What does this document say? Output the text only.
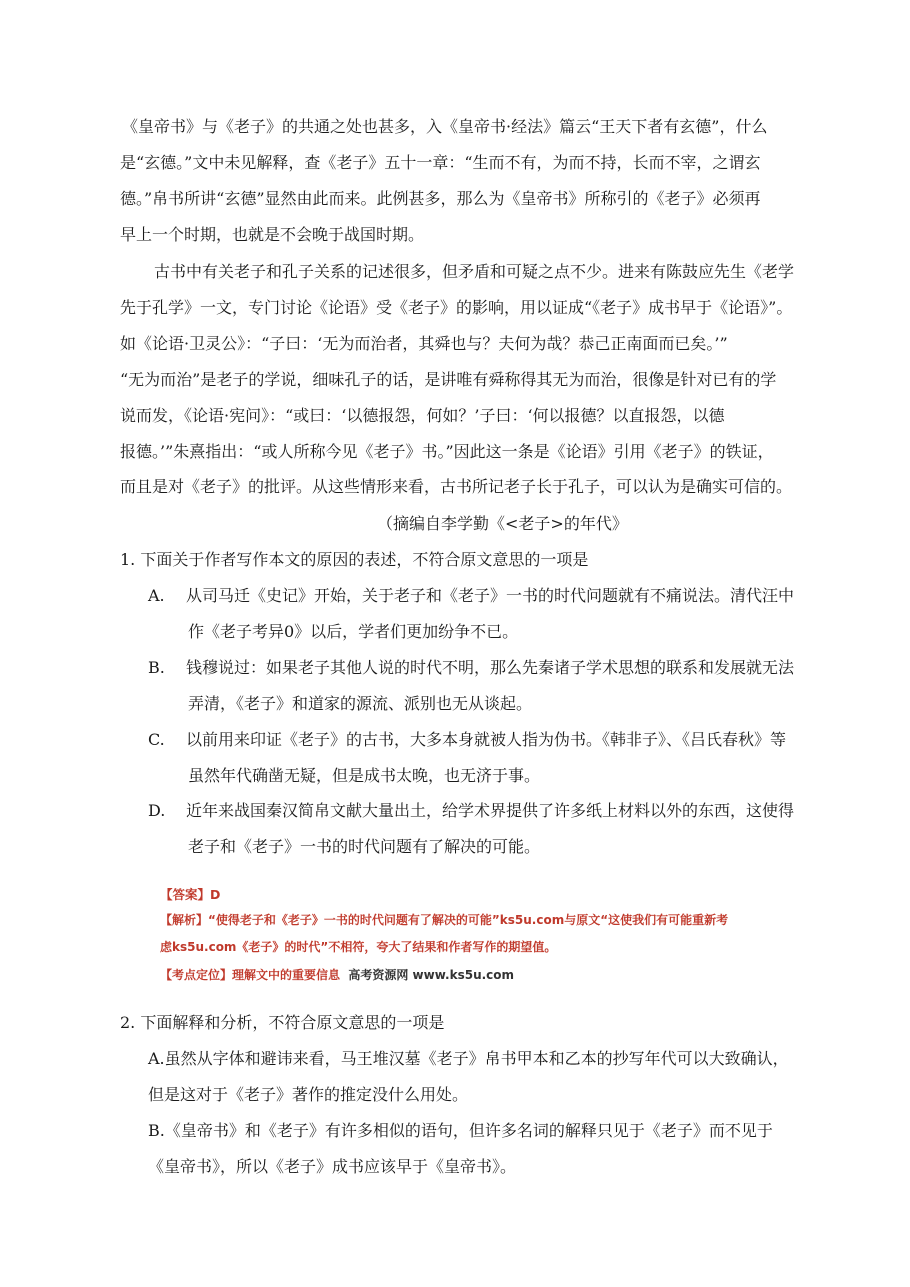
《皇帝书》与《老子》的共通之处也甚多，入《皇帝书·经法》篇云“王天下者有玄德”，什么
是“玄德。”文中未见解释，查《老子》五十一章：“生而不有，为而不持，长而不宰，之谓玄
德。”帛书所讲“玄德”显然由此而来。此例甚多，那么为《皇帝书》所称引的《老子》必须再
早上一个时期，也就是不会晚于战国时期。
古书中有关老子和孔子关系的记述很多，但矛盾和可疑之点不少。进来有陈鼓应先生《老学
先于孔学》一文，专门讨论《论语》受《老子》的影响，用以证成“《老子》成书早于《论语》”。
如《论语·卫灵公》：“子曰：‘无为而治者，其舜也与？夫何为哉？恭己正南面而已矣。’”
“无为而治”是老子的学说，细味孔子的话，是讲唯有舜称得其无为而治，很像是针对已有的学
说而发，《论语·宪问》：“或曰：‘以德报怨，何如？’子曰：‘何以报德？以直报怨，以德
报德。’”朱熹指出：“或人所称今见《老子》书。”因此这一条是《论语》引用《老子》的铁证，
而且是对《老子》的批评。从这些情形来看，古书所记老子长于孔子，可以认为是确实可信的。
（摘编自李学勤《<老子>的年代》
1. 下面关于作者写作本文的原因的表述，不符合原文意思的一项是
A. 从司马迁《史记》开始，关于老子和《老子》一书的时代问题就有不痛说法。清代汪中
作《老子考异0》以后，学者们更加纷争不已。
B. 钱穆说过：如果老子其他人说的时代不明，那么先秦诸子学术思想的联系和发展就无法
弄清，《老子》和道家的源流、派别也无从谈起。
C. 以前用来印证《老子》的古书，大多本身就被人指为伪书。《韩非子》、《吕氏春秋》等
虽然年代确凿无疑，但是成书太晚，也无济于事。
D. 近年来战国秦汉简帛文献大量出土，给学术界提供了许多纸上材料以外的东西，这使得
老子和《老子》一书的时代问题有了解决的可能。
【答案】D
【解析】“使得老子和《老子》一书的时代问题有了解决的可能”ks5u.com与原文“这使我们有可能重新考
虑ks5u.com《老子》的时代”不相符，夸大了结果和作者写作的期望值。
【考点定位】理解文中的重要信息 高考资源网 www.ks5u.com
2. 下面解释和分析，不符合原文意思的一项是
A.虽然从字体和避讳来看，马王堆汉墓《老子》帛书甲本和乙本的抄写年代可以大致确认，
但是这对于《老子》著作的推定没什么用处。
B.《皇帝书》和《老子》有许多相似的语句，但许多名词的解释只见于《老子》而不见于
《皇帝书》，所以《老子》成书应该早于《皇帝书》。
